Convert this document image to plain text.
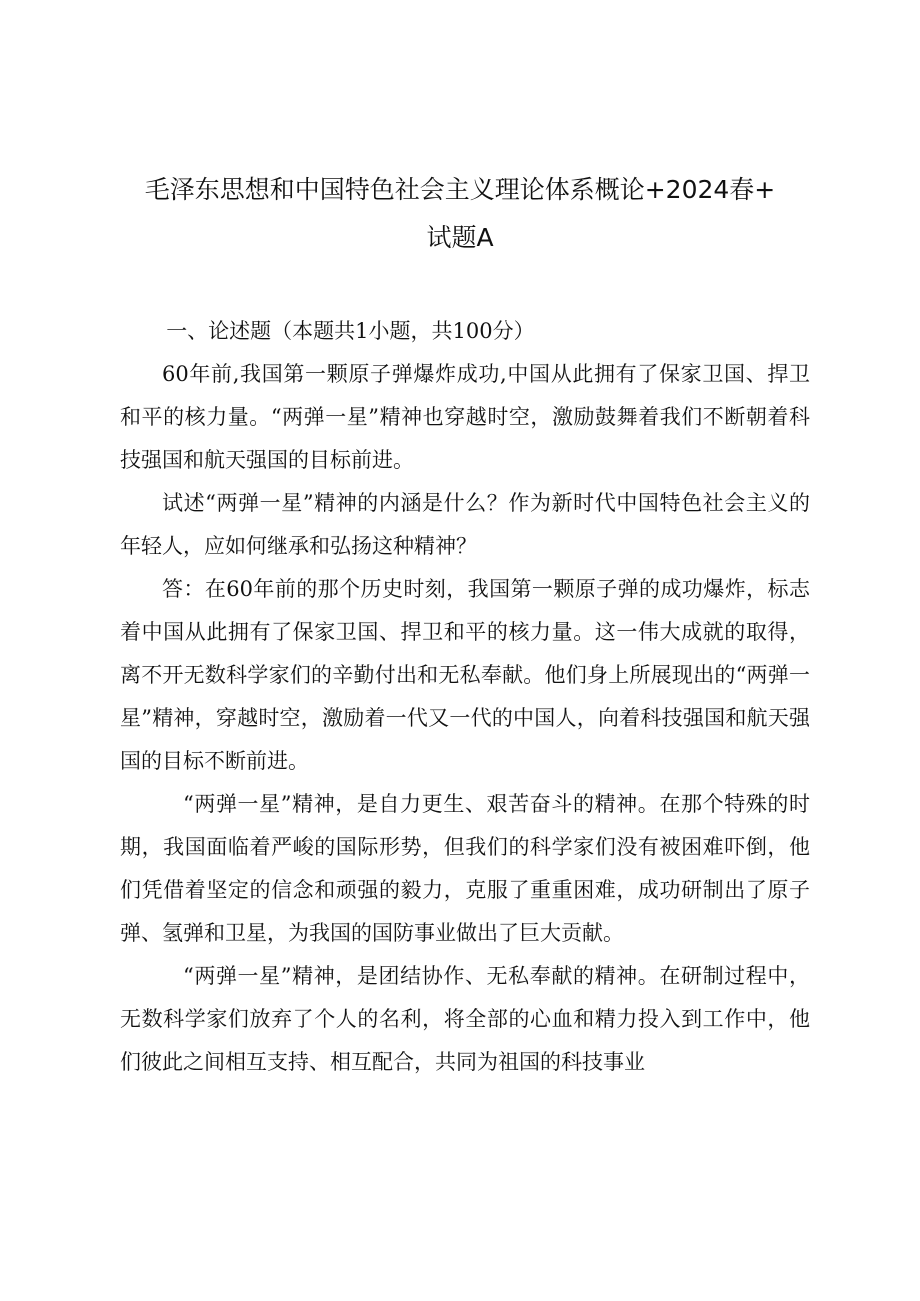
毛泽东思想和中国特色社会主义理论体系概论+2024春+
试题A

一、论述题（本题共1小题，共100分）

60年前,我国第一颗原子弹爆炸成功,中国从此拥有了保家卫国、捍卫和平的核力量。“两弹一星”精神也穿越时空，激励鼓舞着我们不断朝着科技强国和航天强国的目标前进。

试述“两弹一星”精神的内涵是什么？作为新时代中国特色社会主义的年轻人，应如何继承和弘扬这种精神？

答：在60年前的那个历史时刻，我国第一颗原子弹的成功爆炸，标志着中国从此拥有了保家卫国、捍卫和平的核力量。这一伟大成就的取得，离不开无数科学家们的辛勤付出和无私奉献。他们身上所展现出的“两弹一星”精神，穿越时空，激励着一代又一代的中国人，向着科技强国和航天强国的目标不断前进。

“两弹一星”精神，是自力更生、艰苦奋斗的精神。在那个特殊的时期，我国面临着严峻的国际形势，但我们的科学家们没有被困难吓倒，他们凭借着坚定的信念和顽强的毅力，克服了重重困难，成功研制出了原子弹、氢弹和卫星，为我国的国防事业做出了巨大贡献。

“两弹一星”精神，是团结协作、无私奉献的精神。在研制过程中，无数科学家们放弃了个人的名利，将全部的心血和精力投入到工作中，他们彼此之间相互支持、相互配合，共同为祖国的科技事业
